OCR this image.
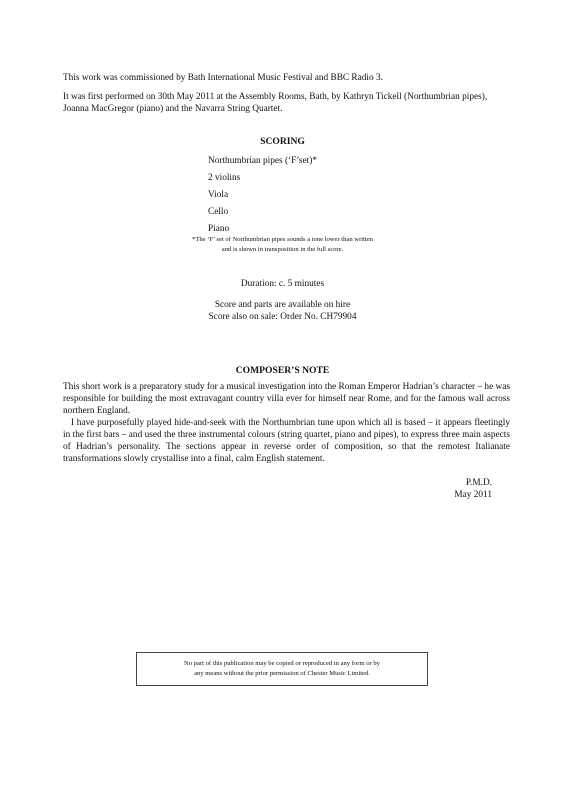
This work was commissioned by Bath International Music Festival and BBC Radio 3.
It was first performed on 30th May 2011 at the Assembly Rooms, Bath, by Kathryn Tickell (Northumbrian pipes), Joanna MacGregor (piano) and the Navarra String Quartet.
SCORING
Northumbrian pipes (‘F’set)*
2 violins
Viola
Cello
Piano
*The ‘F’ set of Northumbrian pipes sounds a tone lower than written
and is shown in transposition in the full score.
Duration: c. 5 minutes
Score and parts are available on hire
Score also on sale: Order No. CH79904
COMPOSER’S NOTE

This short work is a preparatory study for a musical investigation into the Roman Emperor Hadrian’s character – he was responsible for building the most extravagant country villa ever for himself near Rome, and for the famous wall across northern England.

I have purposefully played hide-and-seek with the Northumbrian tune upon which all is based – it appears fleetingly in the first bars – and used the three instrumental colours (string quartet, piano and pipes), to express three main aspects of Hadrian’s personality. The sections appear in reverse order of composition, so that the remotest Italianate transformations slowly crystallise into a final, calm English statement.

P.M.D.
May 2011
No part of this publication may be copied or reproduced in any form or by
any means without the prior permission of Chester Music Limited.
